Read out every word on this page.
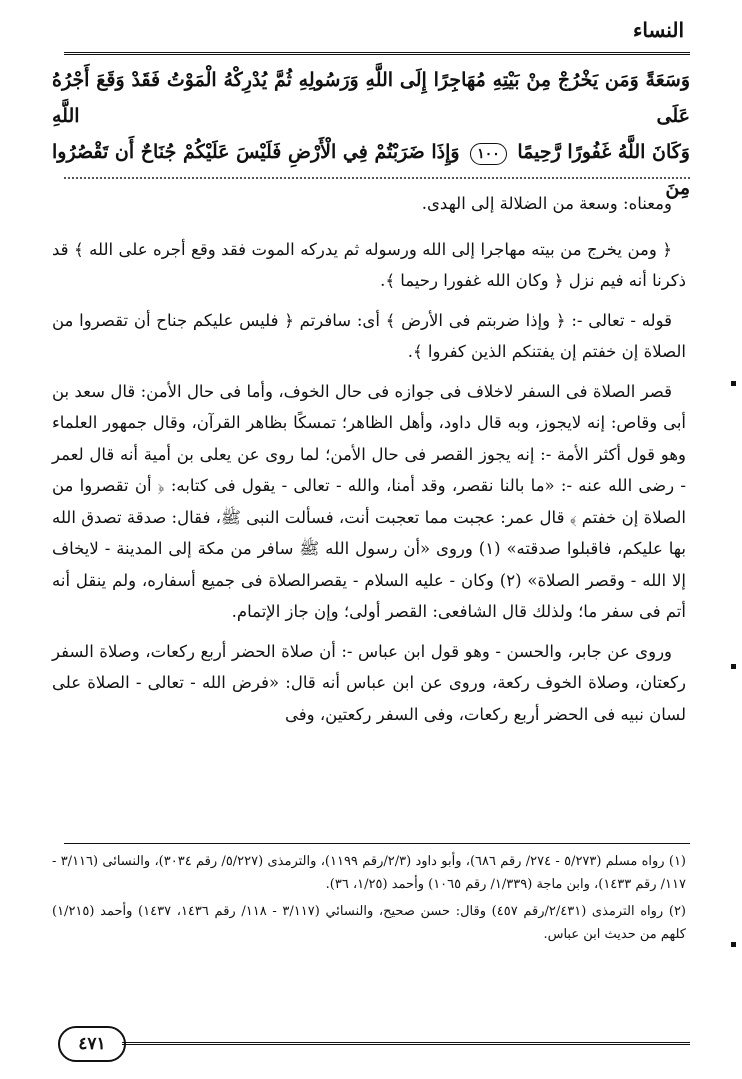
النساء

وَسَعَةً وَمَن يَخْرُجْ مِنْ بَيْتِهِ مُهَاجِرًا إِلَى اللَّهِ وَرَسُولِهِ ثُمَّ يُدْرِكْهُ الْمَوْتُ فَقَدْ وَقَعَ أَجْرُهُ عَلَى اللَّهِ

وَكَانَ اللَّهُ غَفُورًا رَّحِيمًا ١٠٠ وَإِذَا ضَرَبْتُمْ فِي الْأَرْضِ فَلَيْسَ عَلَيْكُمْ جُنَاحٌ أَن تَقْصُرُوا مِنَ

ومعناه: وسعة من الضلالة إلى الهدى.

﴿ ومن يخرج من بيته مهاجرا إلى الله ورسوله ثم يدركه الموت فقد وقع أجره على الله ﴾ قد ذكرنا أنه فيم نزل ﴿ وكان الله غفورا رحيما ﴾.

قوله - تعالى -: ﴿ وإذا ضربتم فى الأرض ﴾ أى: سافرتم ﴿ فليس عليكم جناح أن تقصروا من الصلاة إن خفتم إن يفتنكم الذين كفروا ﴾.

قصر الصلاة فى السفر لاخلاف فى جوازه فى حال الخوف، وأما فى حال الأمن: قال سعد بن أبى وقاص: إنه لايجوز، وبه قال داود، وأهل الظاهر؛ تمسكًا بظاهر القرآن، وقال جمهور العلماء وهو قول أكثر الأمة -: إنه يجوز القصر فى حال الأمن؛ لما روى عن يعلى بن أمية أنه قال لعمر - رضى الله عنه -: «ما بالنا نقصر، وقد أمنا، والله - تعالى - يقول فى كتابه: ﴿ أن تقصروا من الصلاة إن خفتم ﴾ قال عمر: عجبت مما تعجبت أنت، فسألت النبى ﷺ، فقال: صدقة تصدق الله بها عليكم، فاقبلوا صدقته» (١) وروى «أن رسول الله ﷺ سافر من مكة إلى المدينة - لايخاف إلا الله - وقصر الصلاة» (٢) وكان - عليه السلام - يقصرالصلاة فى جميع أسفاره، ولم ينقل أنه أتم فى سفر ما؛ ولذلك قال الشافعى: القصر أولى؛ وإن جاز الإتمام.

وروى عن جابر، والحسن - وهو قول ابن عباس -: أن صلاة الحضر أربع ركعات، وصلاة السفر ركعتان، وصلاة الخوف ركعة، وروى عن ابن عباس أنه قال: «فرض الله - تعالى - الصلاة على لسان نبيه فى الحضر أربع ركعات، وفى السفر ركعتين، وفى

(١) رواه مسلم (٥/٢٧٣ - ٢٧٤/ رقم ٦٨٦)، وأبو داود (٢/٣/رقم ١١٩٩)، والترمذى (٥/٢٢٧/ رقم ٣٠٣٤)، والنسائى (٣/١١٦ - ١١٧/ رقم ١٤٣٣)، وابن ماجة (١/٣٣٩/ رقم ١٠٦٥) وأحمد (١/٢٥، ٣٦).

(٢) رواه الترمذى (٢/٤٣١/رقم ٤٥٧) وقال: حسن صحيح، والنسائي (٣/١١٧ - ١١٨/ رقم ١٤٣٦، ١٤٣٧) وأحمد (١/٢١٥) كلهم من حديث ابن عباس.

٤٧١
